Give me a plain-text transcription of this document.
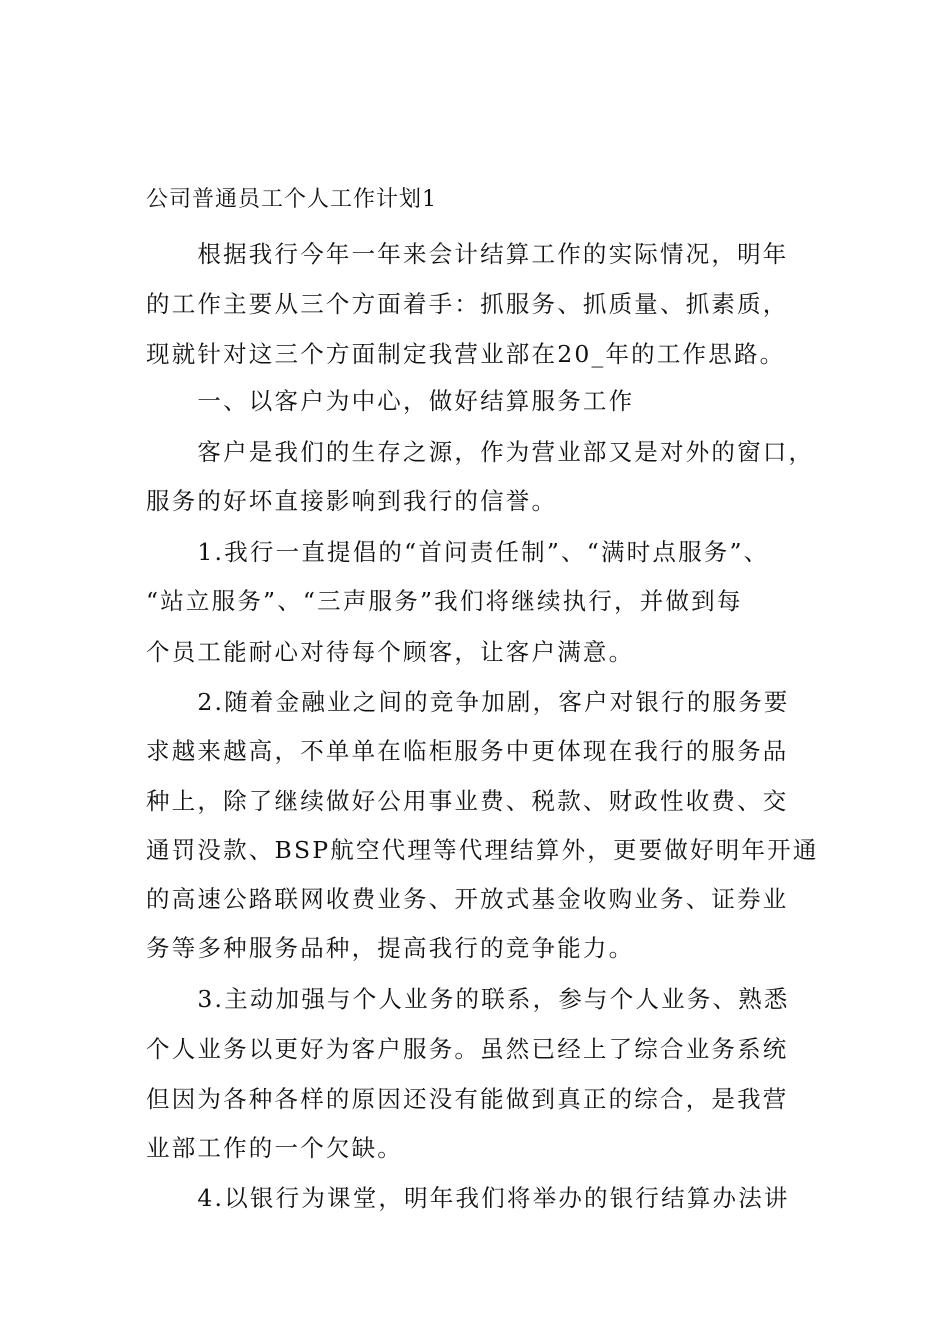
公司普通员工个人工作计划1
　　根据我行今年一年来会计结算工作的实际情况，明年
的工作主要从三个方面着手：抓服务、抓质量、抓素质，
现就针对这三个方面制定我营业部在20_年的工作思路。
　　一、以客户为中心，做好结算服务工作
　　客户是我们的生存之源，作为营业部又是对外的窗口，
服务的好坏直接影响到我行的信誉。
　　1.我行一直提倡的“首问责任制”、“满时点服务”、
“站立服务”、“三声服务”我们将继续执行，并做到每
个员工能耐心对待每个顾客，让客户满意。
　　2.随着金融业之间的竞争加剧，客户对银行的服务要
求越来越高，不单单在临柜服务中更体现在我行的服务品
种上，除了继续做好公用事业费、税款、财政性收费、交
通罚没款、BSP航空代理等代理结算外，更要做好明年开通
的高速公路联网收费业务、开放式基金收购业务、证券业
务等多种服务品种，提高我行的竞争能力。
　　3.主动加强与个人业务的联系，参与个人业务、熟悉
个人业务以更好为客户服务。虽然已经上了综合业务系统
但因为各种各样的原因还没有能做到真正的综合，是我营
业部工作的一个欠缺。
　　4.以银行为课堂，明年我们将举办的银行结算办法讲
